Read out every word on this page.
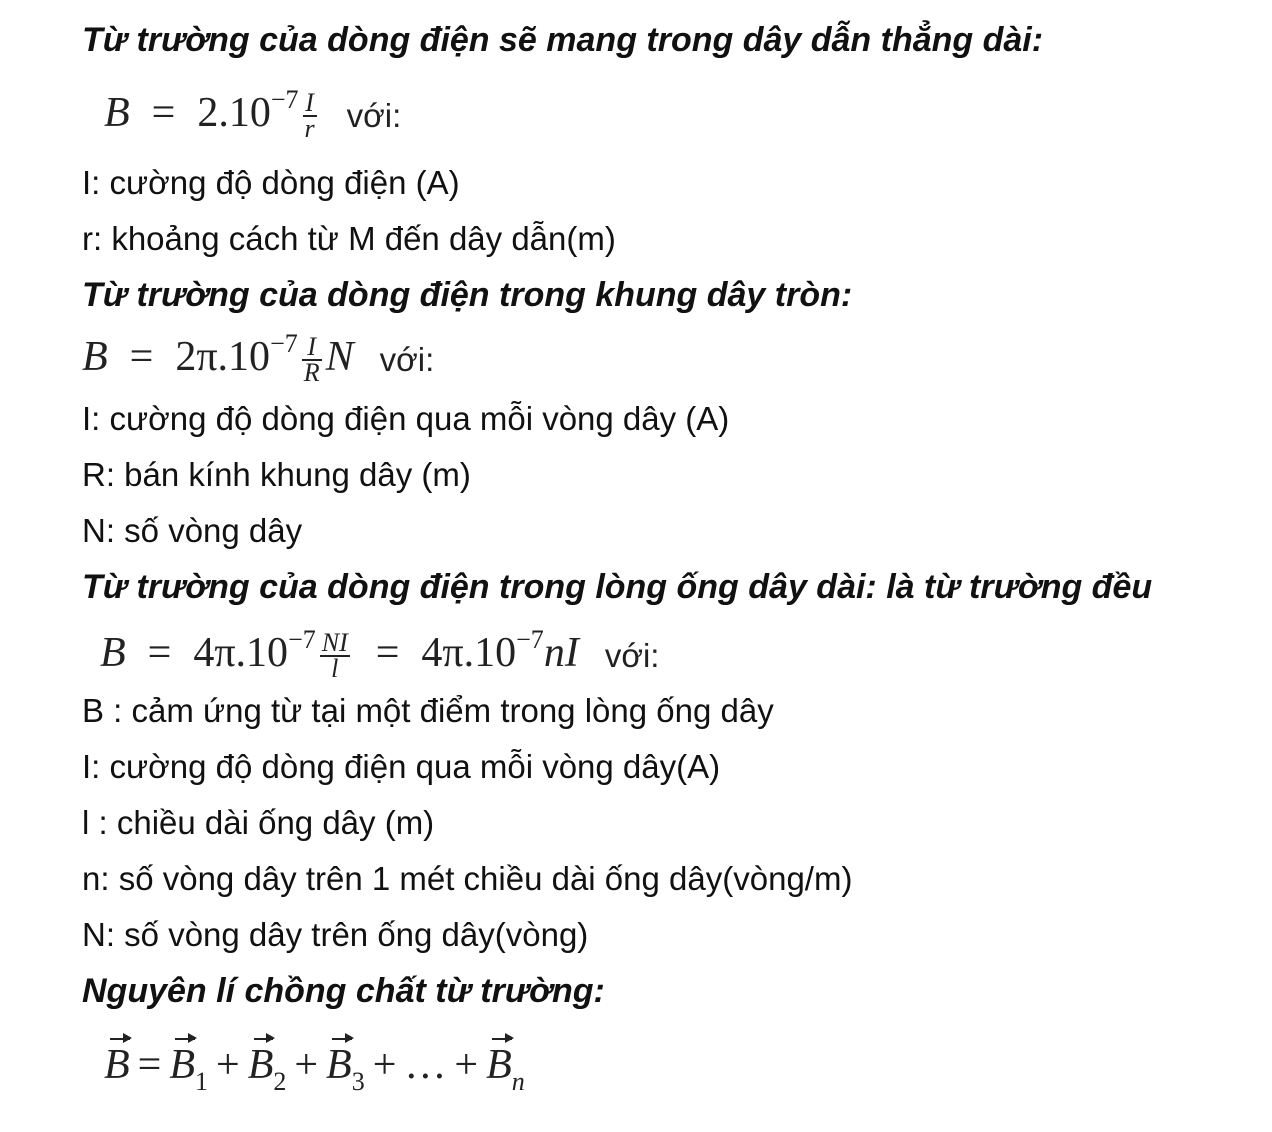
Từ trường của dòng điện sẽ mang trong dây dẫn thẳng dài:
$B = 2.10^{-7} \frac{I}{r}$ với:
I: cường độ dòng điện (A)
r: khoảng cách từ M đến dây dẫn(m)
Từ trường của dòng điện trong khung dây tròn:
$B = 2\pi.10^{-7} \frac{I}{R}$ N với:
I: cường độ dòng điện qua mỗi vòng dây (A)
R: bán kính khung dây (m)
N: số vòng dây
Từ trường của dòng điện trong lòng ống dây dài: là từ trường đều
$B = 4\pi.10^{-7} \frac{NI}{l} = 4\pi.10^{-7}nI$ với:
B : cảm ứng từ tại một điểm trong lòng ống dây
I: cường độ dòng điện qua mỗi vòng dây(A)
l : chiều dài ống dây (m)
n: số vòng dây trên 1 mét chiều dài ống dây(vòng/m)
N: số vòng dây trên ống dây(vòng)
Nguyên lí chồng chất từ trường:
$B = B_1 + B_2 + B_3$ + … + $B_n$
